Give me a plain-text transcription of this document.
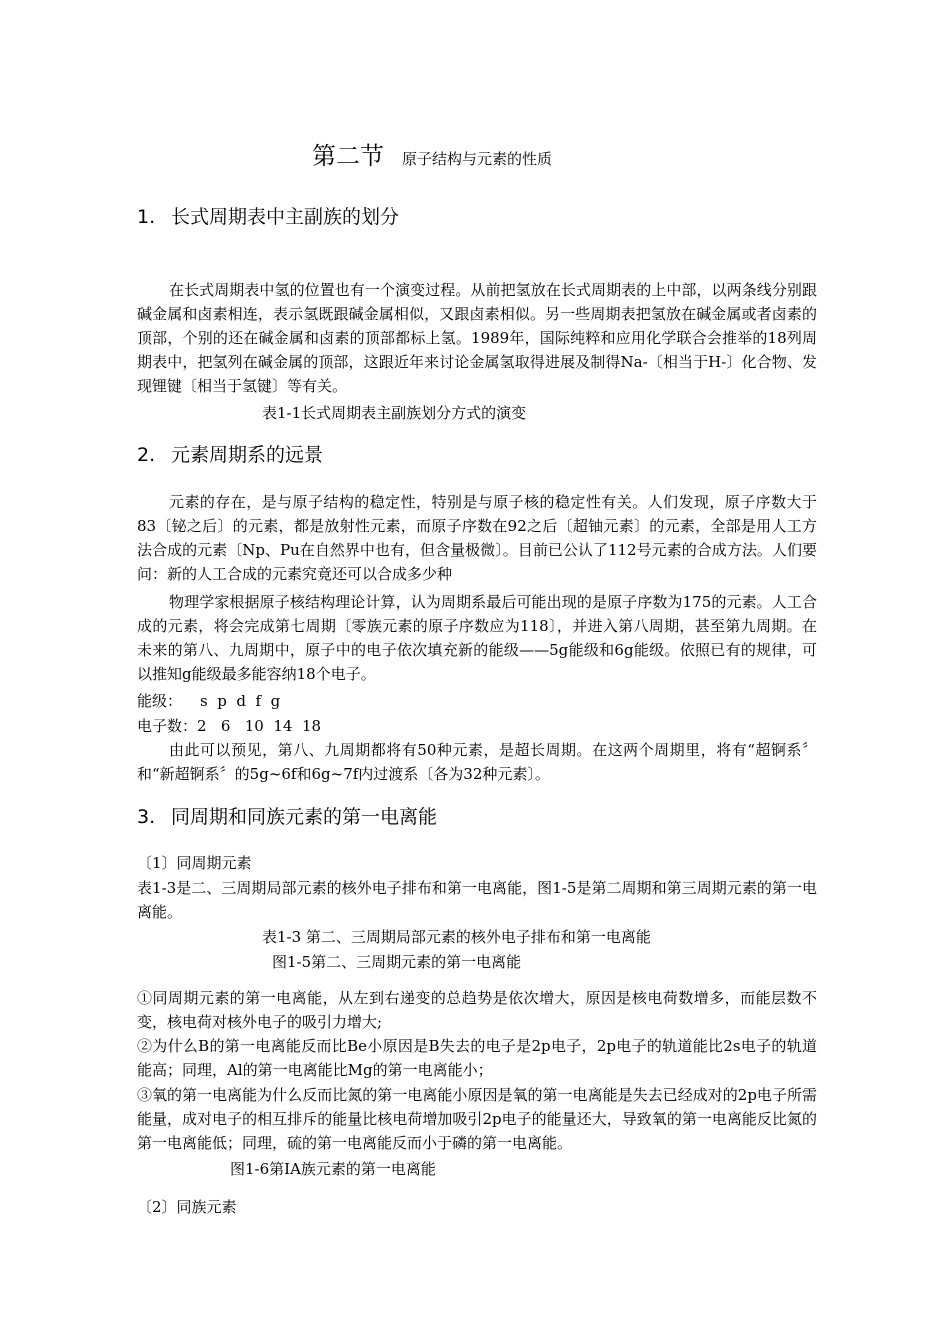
第二节 原子结构与元素的性质
1. 长式周期表中主副族的划分
在长式周期表中氢的位置也有一个演变过程。从前把氢放在长式周期表的上中部，以两条线分别跟碱金属和卤素相连，表示氢既跟碱金属相似，又跟卤素相似。另一些周期表把氢放在碱金属或者卤素的顶部，个别的还在碱金属和卤素的顶部都标上氢。1989年，国际纯粹和应用化学联合会推举的18列周期表中，把氢列在碱金属的顶部，这跟近年来讨论金属氢取得进展及制得Na-〔相当于H-〕化合物、发现锂键〔相当于氢键〕等有关。
表1-1长式周期表主副族划分方式的演变
2. 元素周期系的远景
元素的存在，是与原子结构的稳定性，特别是与原子核的稳定性有关。人们发现，原子序数大于83〔铋之后〕的元素，都是放射性元素，而原子序数在92之后〔超铀元素〕的元素，全部是用人工方法合成的元素〔Np、Pu在自然界中也有，但含量极微〕。目前已公认了112号元素的合成方法。人们要问：新的人工合成的元素究竟还可以合成多少种
物理学家根据原子核结构理论计算，认为周期系最后可能出现的是原子序数为175的元素。人工合成的元素，将会完成第七周期〔零族元素的原子序数应为118〕，并进入第八周期，甚至第九周期。在未来的第八、九周期中，原子中的电子依次填充新的能级——5g能级和6g能级。依照已有的规律，可以推知g能级最多能容纳18个电子。
能级： s  p  d  f  g
电子数：2   6   10  14  18
由此可以预见，第八、九周期都将有50种元素，是超长周期。在这两个周期里，将有“超锕系〞和“新超锕系〞的5g~6f和6g~7f内过渡系〔各为32种元素〕。
3. 同周期和同族元素的第一电离能
〔1〕同周期元素
表1-3是二、三周期局部元素的核外电子排布和第一电离能，图1-5是第二周期和第三周期元素的第一电离能。
表1-3 第二、三周期局部元素的核外电子排布和第一电离能
图1-5第二、三周期元素的第一电离能
①同周期元素的第一电离能，从左到右递变的总趋势是依次增大，原因是核电荷数增多，而能层数不变，核电荷对核外电子的吸引力增大;
②为什么B的第一电离能反而比Be小原因是B失去的电子是2p电子，2p电子的轨道能比2s电子的轨道能高；同理，Al的第一电离能比Mg的第一电离能小；
③氧的第一电离能为什么反而比氮的第一电离能小原因是氧的第一电离能是失去已经成对的2p电子所需能量，成对电子的相互排斥的能量比核电荷增加吸引2p电子的能量还大，导致氧的第一电离能反比氮的第一电离能低；同理，硫的第一电离能反而小于磷的第一电离能。
图1-6第ⅠA族元素的第一电离能
〔2〕同族元素
